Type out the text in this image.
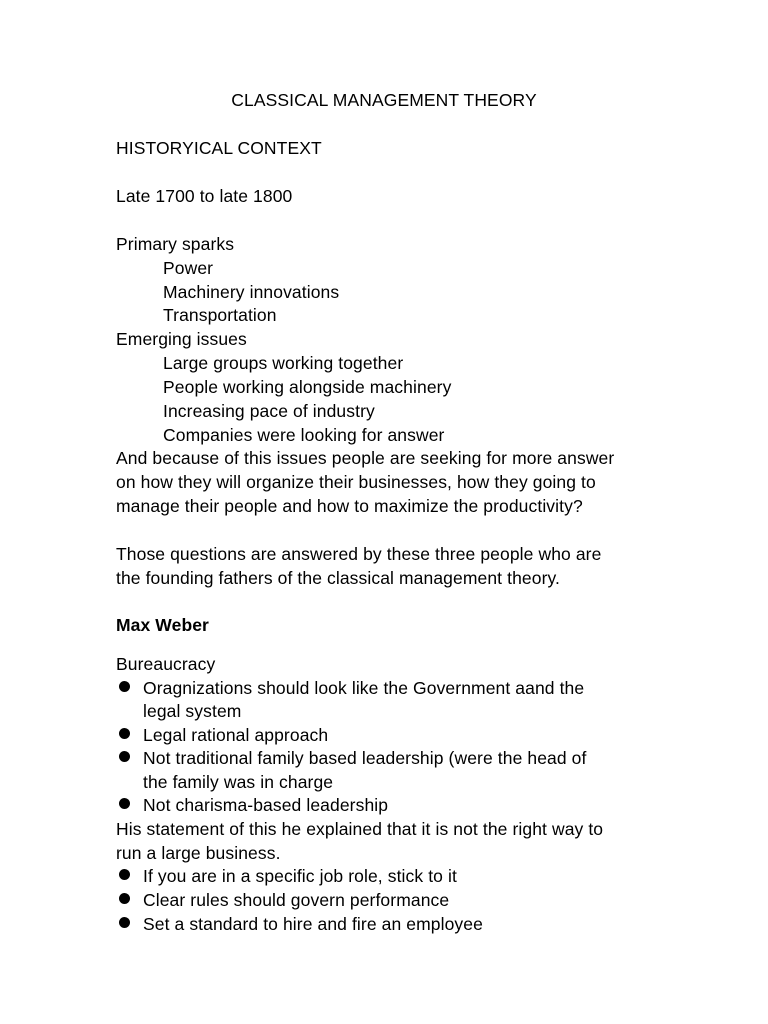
CLASSICAL MANAGEMENT THEORY
HISTORYICAL CONTEXT
Late 1700 to late 1800
Primary sparks
Power
Machinery innovations
Transportation
Emerging issues
Large groups working together
People working alongside machinery
Increasing pace of industry
Companies were looking for answer
And because of this issues people are seeking for more answer
on how they will organize their businesses, how they going to
manage their people and how to maximize the productivity?
Those questions are answered by these three people who are
the founding fathers of the classical management theory.
Max Weber
Bureaucracy
Oragnizations should look like the Government aand the
legal system
Legal rational approach
Not traditional family based leadership (were the head of
the family was in charge
Not charisma-based leadership
His statement of this he explained that it is not the right way to
run a large business.
If you are in a specific job role, stick to it
Clear rules should govern performance
Set a standard to hire and fire an employee
